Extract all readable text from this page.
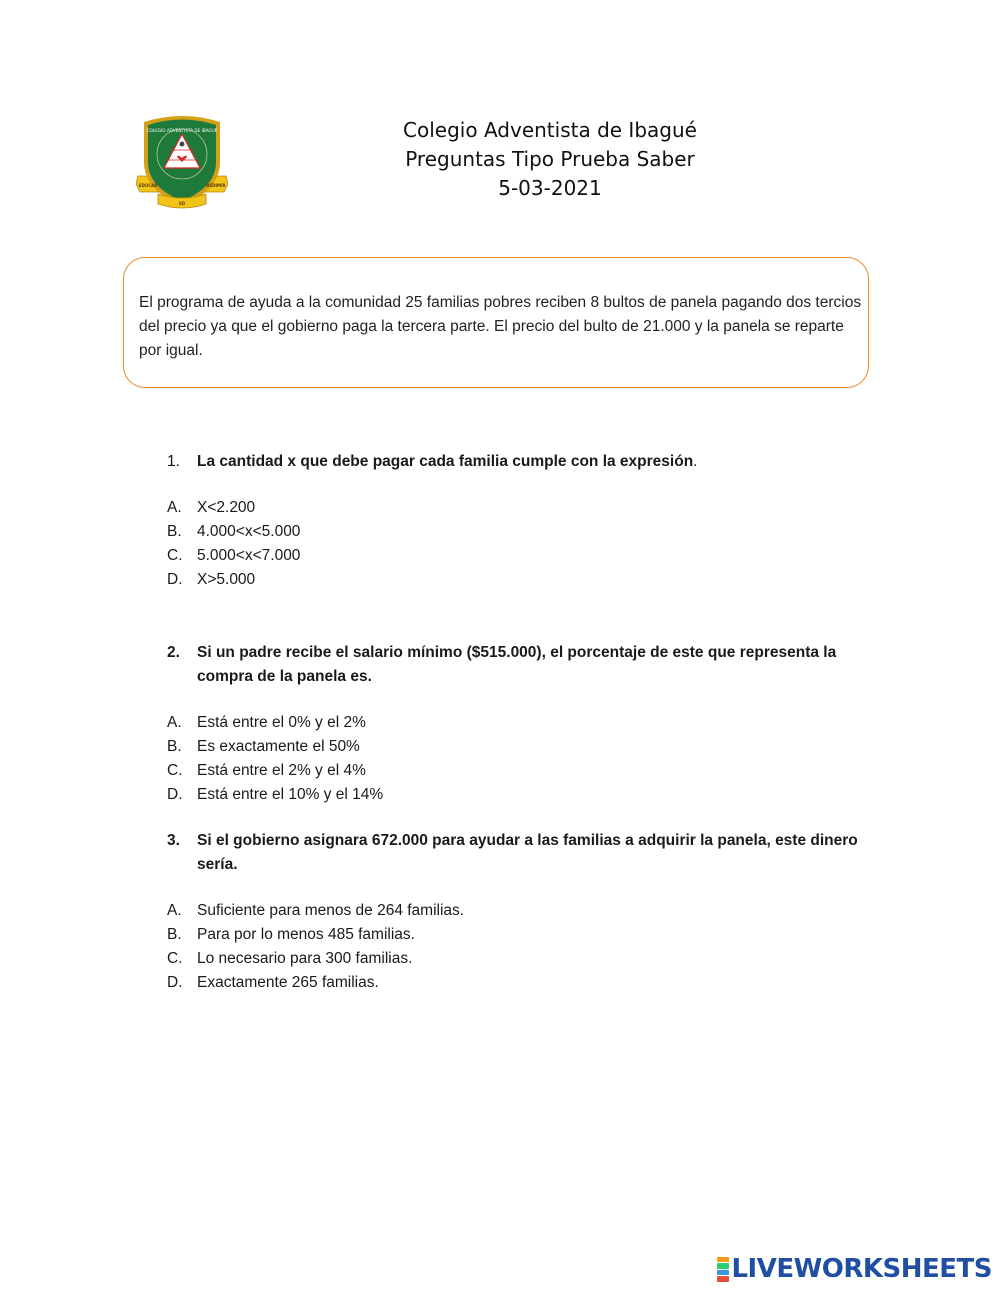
COLEGIO ADVENTISTA DE IBAGUÉ
EDUCAR	REDIMIR
SD
Colegio Adventista de Ibagué
Preguntas Tipo Prueba Saber
5-03-2021
El programa de ayuda a la comunidad 25 familias pobres reciben 8 bultos de panela pagando dos tercios del precio ya que el gobierno paga la tercera parte. El precio del bulto de 21.000 y la panela se reparte por igual.
1.	La cantidad x que debe pagar cada familia cumple con la expresión.
A. X<2.200
B. 4.000<x<5.000
C. 5.000<x<7.000
D. X>5.000
2.	Si un padre recibe el salario mínimo ($515.000), el porcentaje de este que representa la compra de la panela es.
A. Está entre el 0% y el 2%
B. Es exactamente el 50%
C. Está entre el 2% y el 4%
D. Está entre el 10% y el 14%
3.	Si el gobierno asignara 672.000 para ayudar a las familias a adquirir la panela, este dinero sería.
A. Suficiente para menos de 264 familias.
B. Para por lo menos 485 familias.
C. Lo necesario para 300 familias.
D. Exactamente 265 familias.
LIVEWORKSHEETS
